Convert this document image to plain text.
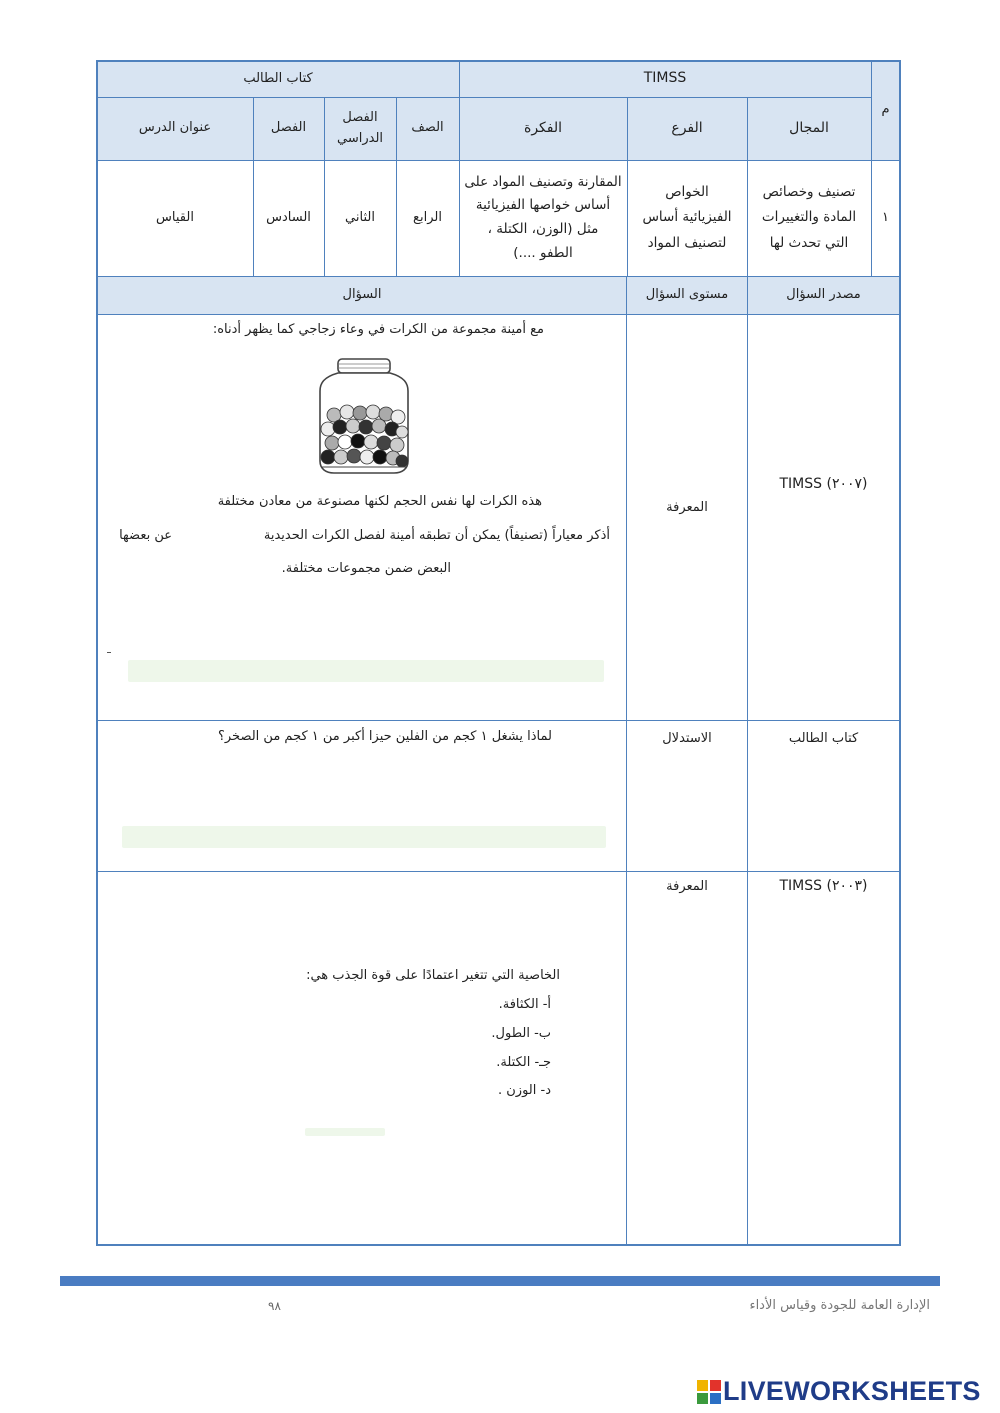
TIMSS
كتاب الطالب
م
المجال
الفرع
الفكرة
الصف
الفصل
الدراسي
الفصل
عنوان الدرس
١
تصنيف وخصائص
المادة والتغييرات
التي تحدث لها
الخواص
الفيزيائية أساس
لتصنيف المواد
المقارنة وتصنيف المواد على
أساس خواصها الفيزيائية
مثل (الوزن، الكتلة ،
الطفو ....)
الرابع
الثاني
السادس
القياس
مصدر السؤال
مستوى السؤال
السؤال
TIMSS (٢٠٠٧)
المعرفة
مع أمينة مجموعة من الكرات في وعاء زجاجي كما يظهر أدناه:
هذه الكرات لها نفس الحجم لكنها مصنوعة من معادن مختلفة
أذكر معياراً (تصنيفاً) يمكن أن تطبقه أمينة لفصل الكرات الحديدية
عن بعضها
البعض ضمن مجموعات مختلفة.
كتاب الطالب
الاستدلال
لماذا يشغل ١ كجم من الفلين حيزا أكبر من ١ كجم من الصخر؟
TIMSS (٢٠٠٣)
المعرفة
الخاصية التي تتغير اعتمادًا على قوة الجذب هي:
أ- الكثافة.
ب- الطول.
جـ- الكتلة.
د- الوزن .
٩٨	الإدارة العامة للجودة وقياس الأداء
LIVEWORKSHEETS
